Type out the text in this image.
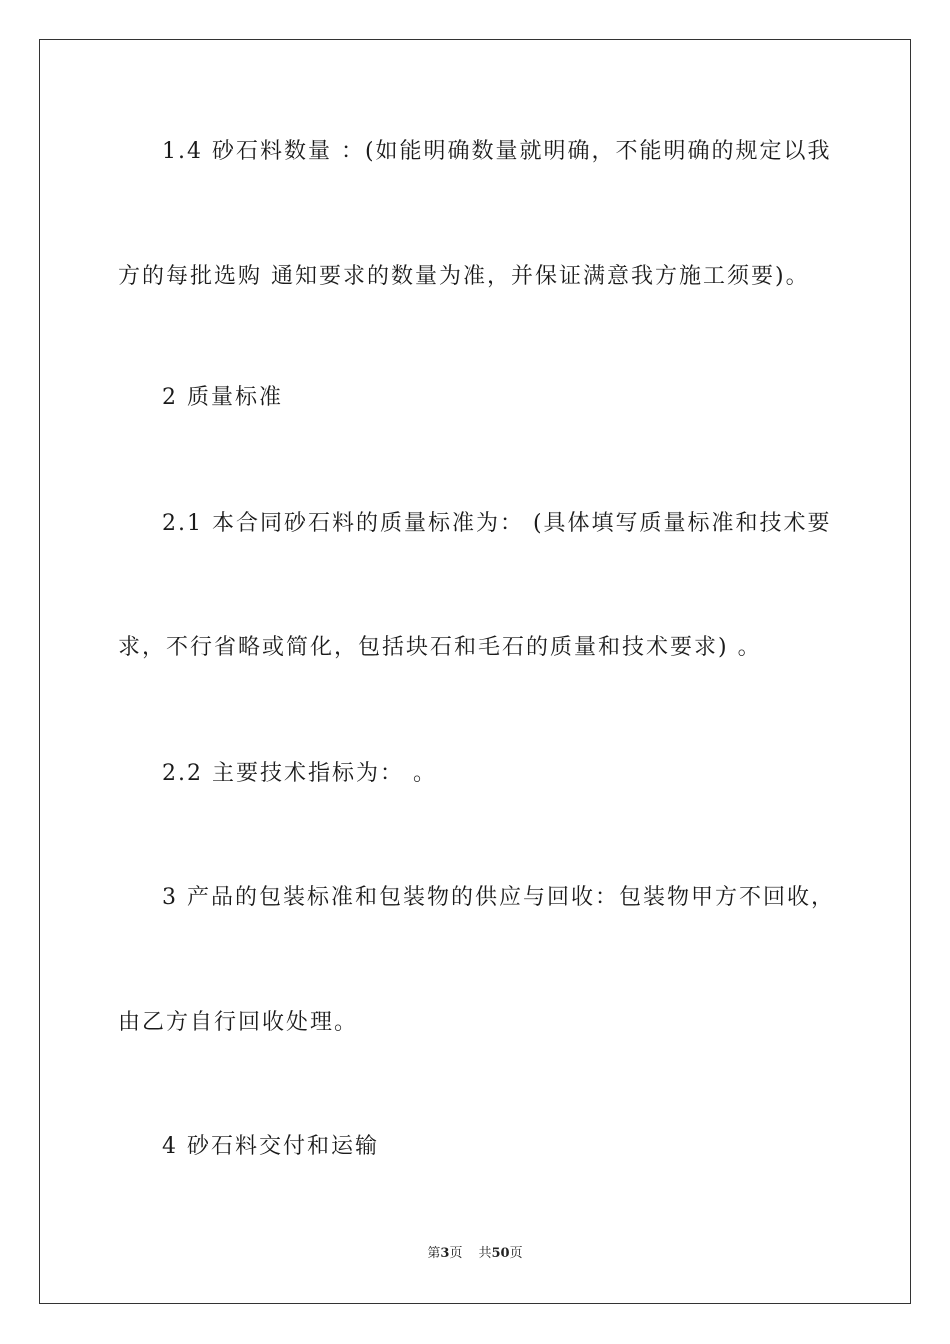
1.4 砂石料数量 ：(如能明确数量就明确，不能明确的规定以我
方的每批选购 通知要求的数量为准，并保证满意我方施工须要)。
2 质量标准
2.1 本合同砂石料的质量标准为： (具体填写质量标准和技术要
求，不行省略或简化，包括块石和毛石的质量和技术要求) 。
2.2 主要技术指标为： 。
3 产品的包装标准和包装物的供应与回收：包装物甲方不回收，
由乙方自行回收处理。
4 砂石料交付和运输
第3页 共50页
